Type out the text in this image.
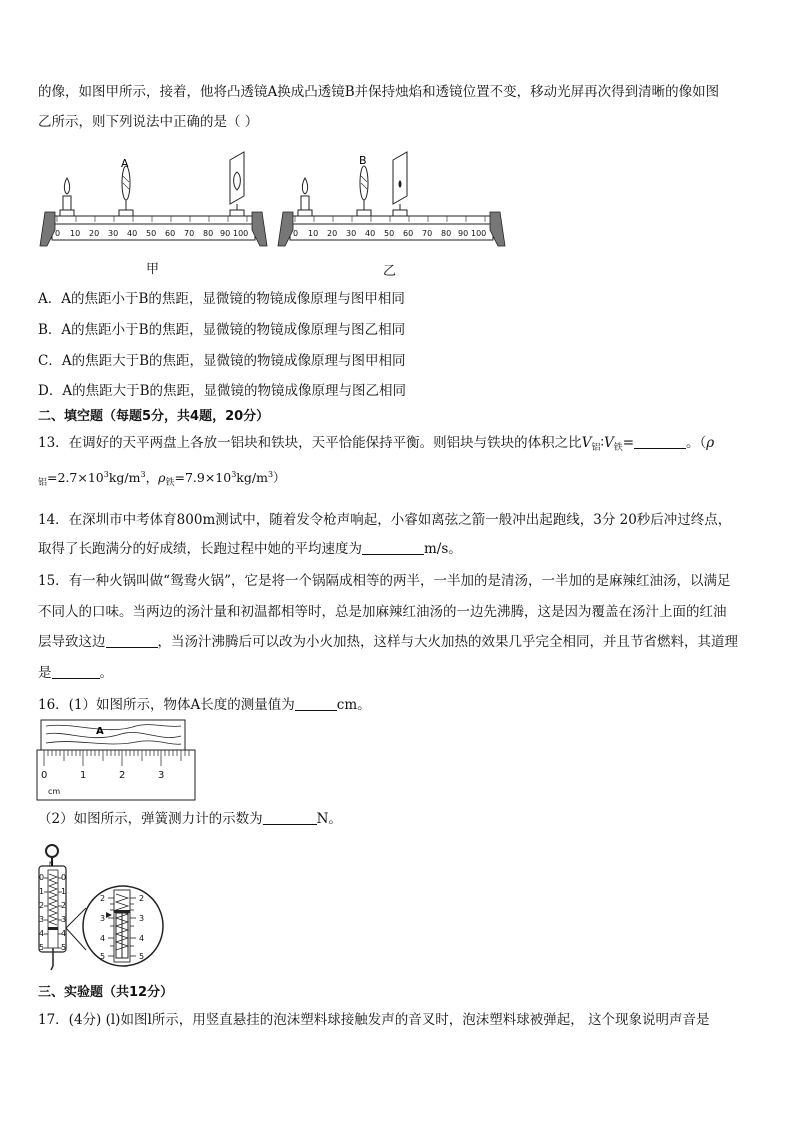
的像，如图甲所示，接着，他将凸透镜A换成凸透镜B并保持烛焰和透镜位置不变，移动光屏再次得到清晰的像如图
乙所示，则下列说法中正确的是（ ）
0 10 20 30 40 50 60 70 80 90 100
A
0 10 20 30 40 50 60 70 80 90 100
B
甲	乙
A．A的焦距小于B的焦距，显微镜的物镜成像原理与图甲相同
B．A的焦距小于B的焦距，显微镜的物镜成像原理与图乙相同
C．A的焦距大于B的焦距，显微镜的物镜成像原理与图甲相同
D．A的焦距大于B的焦距，显微镜的物镜成像原理与图乙相同
二、填空题（每题5分，共4题，20分）
13．在调好的天平两盘上各放一铝块和铁块，天平恰能保持平衡。则铝块与铁块的体积之比$V_铝∶V_铁=$	。（ρ
$_铝=2.7\times 10^3kg/m^3$，$\rho_铁=7.9\times 10^3kg/m^3$）
14．在深圳市中考体育800m测试中，随着发令枪声响起，小睿如离弦之箭一般冲出起跑线，3分 20秒后冲过终点，
取得了长跑满分的好成绩，长跑过程中她的平均速度为	m/s。
15．有一种火锅叫做“鸳鸯火锅”，它是将一个锅隔成相等的两半，一半加的是清汤，一半加的是麻辣红油汤，以满足
不同人的口味。当两边的汤汁量和初温都相等时，总是加麻辣红油汤的一边先沸腾，这是因为覆盖在汤汁上面的红油
层导致这边	，当汤汁沸腾后可以改为小火加热，这样与大火加热的效果几乎完全相同，并且节省燃料，其道理
是	。
16．(1）如图所示，物体A长度的测量值为	cm。
A
0	1	2	3
cm
（2）如图所示，弹簧测力计的示数为	N。
0
1
2
3
4
5
0
1
2
3
4
5
N
2
3
4
5
2
3
4
5
三、实验题（共12分）
17．(4分) (l)如图l所示，用竖直悬挂的泡沫塑料球接触发声的音叉时，泡沫塑料球被弹起， 这个现象说明声音是
